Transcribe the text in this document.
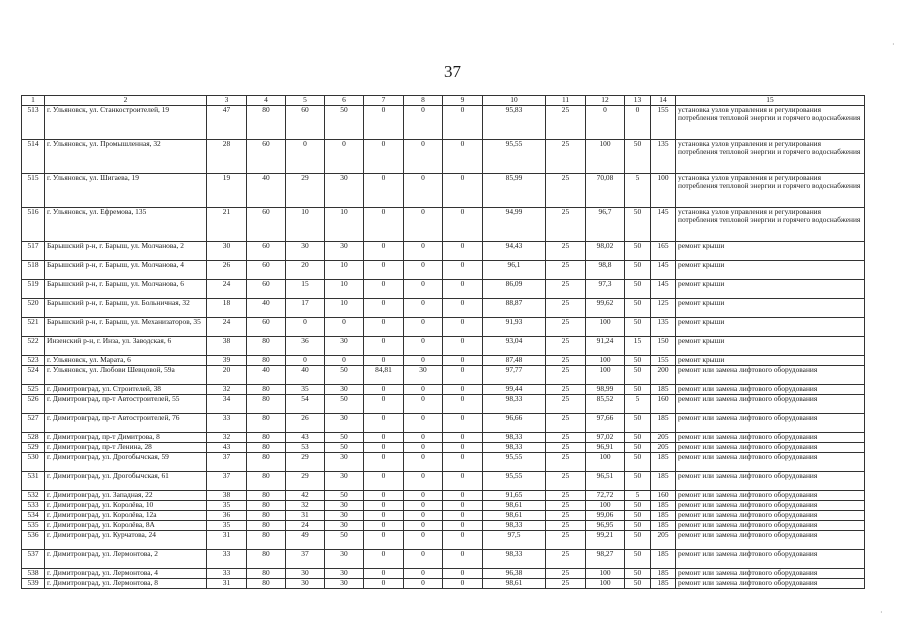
37
1	2	3	4	5	6	7	8	9	10	11	12	13	14	15
513	г. Ульяновск, ул. Станкостроителей, 19	47	80	60	50	0	0	0	95,83	25	0	0	155	установка узлов управления и регулирования потребления тепловой энергии и горячего водоснабжения
514	г. Ульяновск, ул. Промышленная, 32	28	60	0	0	0	0	0	95,55	25	100	50	135	установка узлов управления и регулирования потребления тепловой энергии и горячего водоснабжения
515	г. Ульяновск, ул. Шигаева, 19	19	40	29	30	0	0	0	85,99	25	70,08	5	100	установка узлов управления и регулирования потребления тепловой энергии и горячего водоснабжения
516	г. Ульяновск, ул. Ефремова, 135	21	60	10	10	0	0	0	94,99	25	96,7	50	145	установка узлов управления и регулирования потребления тепловой энергии и горячего водоснабжения
517	Барышский р-н, г. Барыш, ул. Молчанова, 2	30	60	30	30	0	0	0	94,43	25	98,02	50	165	ремонт крыши
518	Барышский р-н, г. Барыш, ул. Молчанова, 4	26	60	20	10	0	0	0	96,1	25	98,8	50	145	ремонт крыши
519	Барышский р-н, г. Барыш, ул. Молчанова, 6	24	60	15	10	0	0	0	86,09	25	97,3	50	145	ремонт крыши
520	Барышский р-н, г. Барыш, ул. Больничная, 32	18	40	17	10	0	0	0	88,87	25	99,62	50	125	ремонт крыши
521	Барышский р-н, г. Барыш, ул. Механизаторов, 35	24	60	0	0	0	0	0	91,93	25	100	50	135	ремонт крыши
522	Инзенский р-н, г. Инза, ул. Заводская, 6	38	80	36	30	0	0	0	93,04	25	91,24	15	150	ремонт крыши
523	г. Ульяновск, ул. Марата, 6	39	80	0	0	0	0	0	87,48	25	100	50	155	ремонт крыши
524	г. Ульяновск, ул. Любови Шевцовой, 59а	20	40	40	50	84,81	30	0	97,77	25	100	50	200	ремонт или замена лифтового оборудования
525	г. Димитровград, ул. Строителей, 38	32	80	35	30	0	0	0	99,44	25	98,99	50	185	ремонт или замена лифтового оборудования
526	г. Димитровград, пр-т Автостроителей, 55	34	80	54	50	0	0	0	98,33	25	85,52	5	160	ремонт или замена лифтового оборудования
527	г. Димитровград, пр-т Автостроителей, 76	33	80	26	30	0	0	0	96,66	25	97,66	50	185	ремонт или замена лифтового оборудования
528	г. Димитровград, пр-т Димитрова, 8	32	80	43	50	0	0	0	98,33	25	97,02	50	205	ремонт или замена лифтового оборудования
529	г. Димитровград, пр-т Ленина, 28	43	80	53	50	0	0	0	98,33	25	96,91	50	205	ремонт или замена лифтового оборудования
530	г. Димитровград, ул. Дрогобычская, 59	37	80	29	30	0	0	0	95,55	25	100	50	185	ремонт или замена лифтового оборудования
531	г. Димитровград, ул. Дрогобычская, 61	37	80	29	30	0	0	0	95,55	25	96,51	50	185	ремонт или замена лифтового оборудования
532	г. Димитровград, ул. Западная, 22	38	80	42	50	0	0	0	91,65	25	72,72	5	160	ремонт или замена лифтового оборудования
533	г. Димитровград, ул. Королёва, 10	35	80	32	30	0	0	0	98,61	25	100	50	185	ремонт или замена лифтового оборудования
534	г. Димитровград, ул. Королёва, 12а	36	80	31	30	0	0	0	98,61	25	99,06	50	185	ремонт или замена лифтового оборудования
535	г. Димитровград, ул. Королёва, 8А	35	80	24	30	0	0	0	98,33	25	96,95	50	185	ремонт или замена лифтового оборудования
536	г. Димитровград, ул. Курчатова, 24	31	80	49	50	0	0	0	97,5	25	99,21	50	205	ремонт или замена лифтового оборудования
537	г. Димитровград, ул. Лермонтова, 2	33	80	37	30	0	0	0	98,33	25	98,27	50	185	ремонт или замена лифтового оборудования
538	г. Димитровград, ул. Лермонтова, 4	33	80	30	30	0	0	0	96,38	25	100	50	185	ремонт или замена лифтового оборудования
539	г. Димитровград, ул. Лермонтова, 8	31	80	30	30	0	0	0	98,61	25	100	50	185	ремонт или замена лифтового оборудования
·
·
